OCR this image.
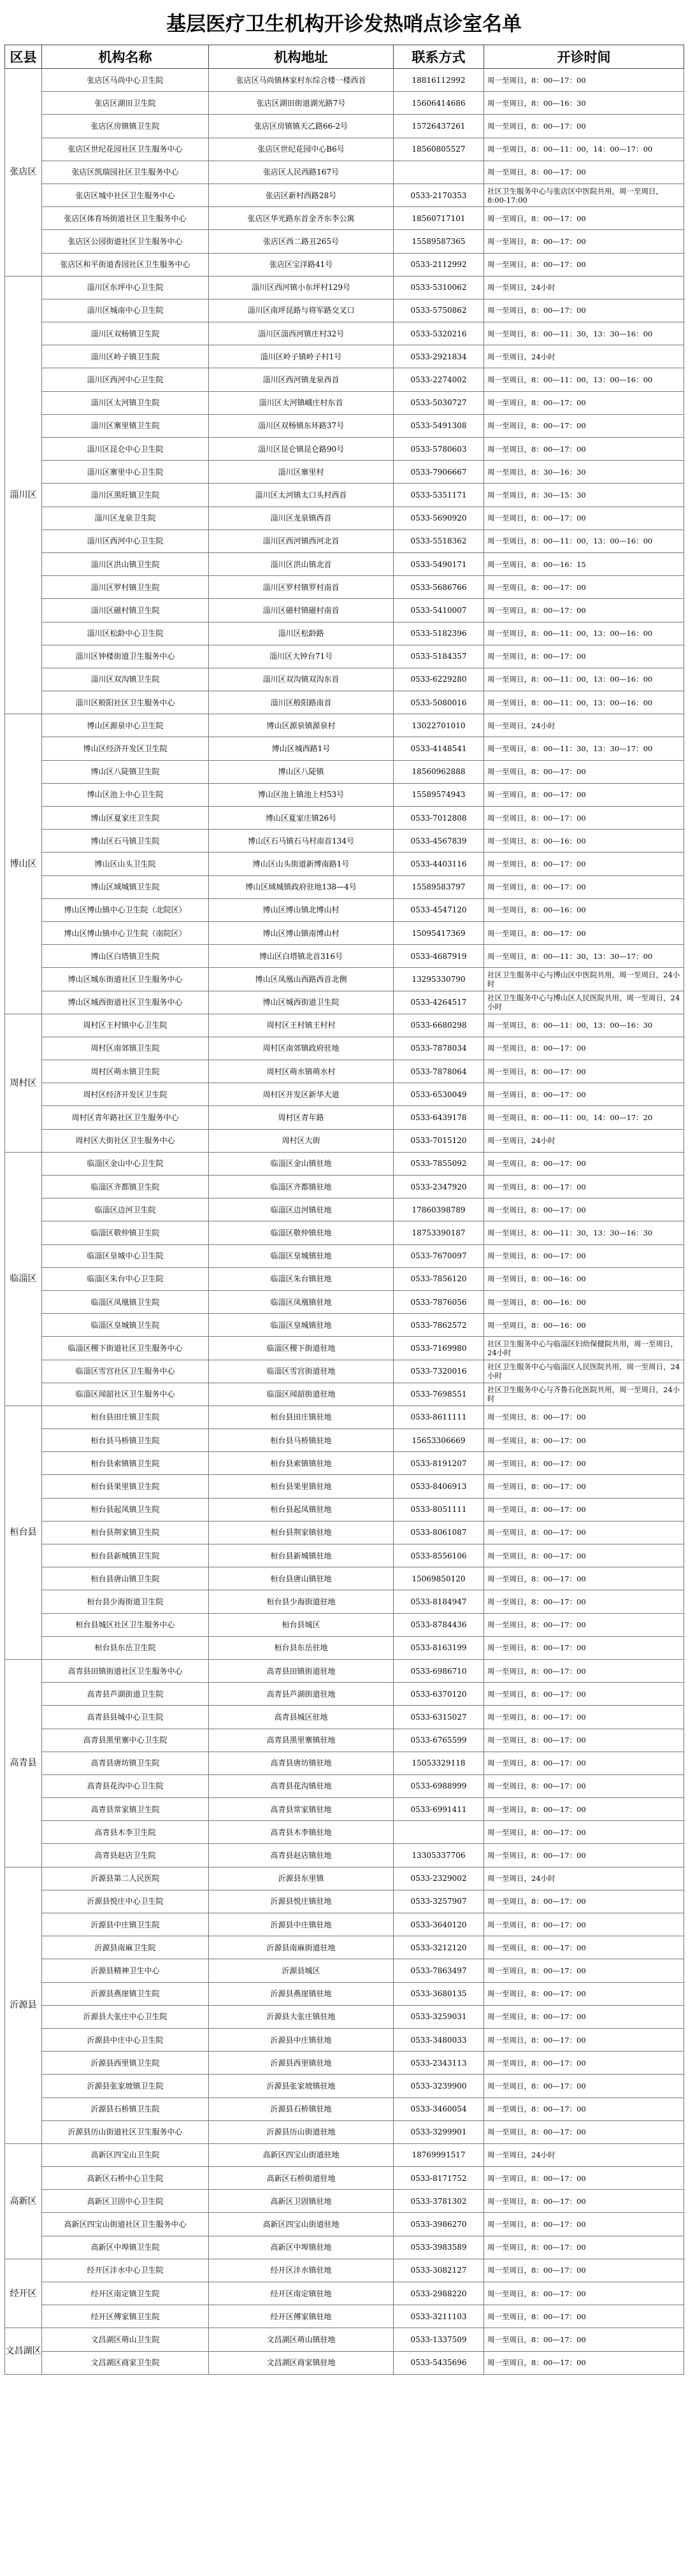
基层医疗卫生机构开诊发热哨点诊室名单
区县	机构名称	机构地址	联系方式	开诊时间
张店区	张店区马尚中心卫生院	张店区马尚镇林家村东综合楼一楼西首	18816112992	周一至周日，8：00—17：00
	张店区湖田卫生院	张店区湖田街道湖光路7号	15606414686	周一至周日，8：00—16：30
	张店区房镇镇卫生院	张店区房镇镇天乙路66-2号	15726437261	周一至周日，8：00—17：00
	张店区世纪花园社区卫生服务中心	张店区世纪花园中心B6号	18560805527	周一至周日，8：00—11：00，14：00—17：00
	张店区凯瑞园社区卫生服务中心	张店区人民西路167号		周一至周日，8：00—17：00
	张店区城中社区卫生服务中心	张店区新村西路28号	0533-2170353	社区卫生服务中心与张店区中医院共用，周一至周日，8:00-17:00
	张店区体育场街道社区卫生服务中心	张店区华光路东首金齐东李公寓	18560717101	周一至周日，8：00—17：00
	张店区公园街道社区卫生服务中心	张店区西二路丑265号	15589587365	周一至周日，8：00—17：00
	张店区和平街道香园社区卫生服务中心	张店区宝洋路41号	0533-2112992	周一至周日，8：00—17：00
淄川区	淄川区东坪中心卫生院	淄川区西河镇小东坪村129号	0533-5310062	周一至周日，24小时
	淄川区城南中心卫生院	淄川区南坪昆路与将军路交叉口	0533-5750862	周一至周日，8：00—17：00
	淄川区双杨镇卫生院	淄川区淄西河镇庄村32号	0533-5320216	周一至周日，8：00—11：30，13：30—16：00
	淄川区岭子镇卫生院	淄川区岭子镇岭子村1号	0533-2921834	周一至周日，24小时
	淄川区西河中心卫生院	淄川区西河镇龙泉西首	0533-2274002	周一至周日，8：00—11：00，13：00—16：00
	淄川区太河镇卫生院	淄川区太河镇峨庄村东首	0533-5030727	周一至周日，8：00—17：00
	淄川区寨里镇卫生院	淄川区双杨镇东环路37号	0533-5491308	周一至周日，8：00—17：00
	淄川区昆仑中心卫生院	淄川区昆仑镇昆仑路90号	0533-5780603	周一至周日，8：00—17：00
	淄川区寨里中心卫生院	淄川区寨里村	0533-7906667	周一至周日，8：30—16：30
	淄川区黑旺镇卫生院	淄川区太河镇太口头村西首	0533-5351171	周一至周日，8：30—15：30
	淄川区龙泉卫生院	淄川区龙泉镇西首	0533-5690920	周一至周日，8：00—17：00
	淄川区西河中心卫生院	淄川区西河镇西河北首	0533-5518362	周一至周日，8：00—11：00，13：00—16：00
	淄川区洪山镇卫生院	淄川区洪山镇北首	0533-5490171	周一至周日，8：00—16：15
	淄川区罗村镇卫生院	淄川区罗村镇罗村南首	0533-5686766	周一至周日，8：00—17：00
	淄川区磁村镇卫生院	淄川区磁村镇磁村南首	0533-5410007	周一至周日，8：00—17：00
	淄川区松龄中心卫生院	淄川区松龄路	0533-5182396	周一至周日，8：00—11：00，13：00—16：00
	淄川区钟楼街道卫生服务中心	淄川区大钟台71号	0533-5184357	周一至周日，8：00—17：00
	淄川区双沟镇卫生院	淄川区双沟镇双沟东首	0533-6229280	周一至周日，8：00—11：00，13：00—16：00
	淄川区般阳社区卫生服务中心	淄川区般阳路南首	0533-5080016	周一至周日，8：00—11：00，13：00—16：00
博山区	博山区源泉中心卫生院	博山区源泉镇源泉村	13022701010	周一至周日，24小时
	博山区经济开发区卫生院	博山区城西路1号	0533-4148541	周一至周日，8：00—11：30，13：30—17：00
	博山区八陡镇卫生院	博山区八陡镇	18560962888	周一至周日，8：00—17：00
	博山区池上中心卫生院	博山区池上镇池上村53号	15589574943	周一至周日，8：00—17：00
	博山区夏家庄卫生院	博山区夏家庄镇26号	0533-7012808	周一至周日，8：00—17：00
	博山区石马镇卫生院	博山区石马镇石马村南首134号	0533-4567839	周一至周日，8：00—16：00
	博山区山头卫生院	博山区山头街道新博南路1号	0533-4403116	周一至周日，8：00—17：00
	博山区域城镇卫生院	博山区域城镇政府驻地138—4号	15589583797	周一至周日，8：00—17：00
	博山区博山镇中心卫生院（北院区）	博山区博山镇北博山村	0533-4547120	周一至周日，8：00—16：00
	博山区博山镇中心卫生院（南院区）	博山区博山镇南博山村	15095417369	周一至周日，8：00—17：00
	博山区白塔镇卫生院	博山区白塔镇北首316号	0533-4687919	周一至周日，8：00—11：30，13：30—17：00
	博山区城东街道社区卫生服务中心	博山区凤凰山西路西首北侧	13295330790	社区卫生服务中心与博山区中医院共用，周一至周日，24小时
	博山区城西街道社区卫生服务中心	博山区城西街道卫生院	0533-4264517	社区卫生服务中心与博山区人民医院共用，周一至周日，24小时
周村区	周村区王村镇中心卫生院	周村区王村镇王村村	0533-6680298	周一至周日，8：00—11：00，13：00—16：30
	周村区南郊镇卫生院	周村区南郊镇政府驻地	0533-7878034	周一至周日，8：00—17：00
	周村区萌水镇卫生院	周村区萌水镇萌水村	0533-7878064	周一至周日，8：00—17：00
	周村区经济开发区卫生院	周村区开发区新华大道	0533-6530049	周一至周日，8：00—17：00
	周村区青年路社区卫生服务中心	周村区青年路	0533-6439178	周一至周日，8：00—11：00，14：00—17：20
	周村区大街社区卫生服务中心	周村区大街	0533-7015120	周一至周日，24小时
临淄区	临淄区金山中心卫生院	临淄区金山镇驻地	0533-7855092	周一至周日，8：00—17：00
	临淄区齐都镇卫生院	临淄区齐都镇驻地	0533-2347920	周一至周日，8：00—17：00
	临淄区边河卫生院	临淄区边河镇驻地	17860398789	周一至周日，8：00—17：00
	临淄区敬仲镇卫生院	临淄区敬仲镇驻地	18753390187	周一至周日，8：00—11：30，13：30—16：30
	临淄区皇城中心卫生院	临淄区皇城镇驻地	0533-7670097	周一至周日，8：00—17：00
	临淄区朱台中心卫生院	临淄区朱台镇驻地	0533-7856120	周一至周日，8：00—16：00
	临淄区凤凰镇卫生院	临淄区凤凰镇驻地	0533-7876056	周一至周日，8：00—16：00
	临淄区皇城镇卫生院	临淄区皇城镇驻地	0533-7862572	周一至周日，8：00—16：00
	临淄区稷下街道社区卫生服务中心	临淄区稷下街道驻地	0533-7169980	社区卫生服务中心与临淄区妇幼保健院共用，周一至周日，24小时
	临淄区雪宫社区卫生服务中心	临淄区雪宫街道驻地	0533-7320016	社区卫生服务中心与临淄区人民医院共用，周一至周日，24小时
	临淄区闻韶社区卫生服务中心	临淄区闻韶街道驻地	0533-7698551	社区卫生服务中心与齐鲁石化医院共用，周一至周日，24小时
桓台县	桓台县田庄镇卫生院	桓台县田庄镇驻地	0533-8611111	周一至周日，8：00—17：00
	桓台县马桥镇卫生院	桓台县马桥镇驻地	15653306669	周一至周日，8：00—17：00
	桓台县索镇镇卫生院	桓台县索镇镇驻地	0533-8191207	周一至周日，8：00—17：00
	桓台县果里镇卫生院	桓台县果里镇驻地	0533-8406913	周一至周日，8：00—17：00
	桓台县起凤镇卫生院	桓台县起凤镇驻地	0533-8051111	周一至周日，8：00—17：00
	桓台县荆家镇卫生院	桓台县荆家镇驻地	0533-8061087	周一至周日，8：00—17：00
	桓台县新城镇卫生院	桓台县新城镇驻地	0533-8556106	周一至周日，8：00—17：00
	桓台县唐山镇卫生院	桓台县唐山镇驻地	15069850120	周一至周日，8：00—17：00
	桓台县少海街道卫生院	桓台县少海街道驻地	0533-8184947	周一至周日，8：00—17：00
	桓台县城区社区卫生服务中心	桓台县城区	0533-8784436	周一至周日，8：00—17：00
	桓台县东岳卫生院	桓台县东岳驻地	0533-8163199	周一至周日，8：00—17：00
高青县	高青县田镇街道社区卫生服务中心	高青县田镇街道驻地	0533-6986710	周一至周日，8：00—17：00
	高青县芦湖街道卫生院	高青县芦湖街道驻地	0533-6370120	周一至周日，8：00—17：00
	高青县县城中心卫生院	高青县城区驻地	0533-6315027	周一至周日，8：00—17：00
	高青县黑里寨中心卫生院	高青县黑里寨镇驻地	0533-6765599	周一至周日，8：00—17：00
	高青县唐坊镇卫生院	高青县唐坊镇驻地	15053329118	周一至周日，8：00—17：00
	高青县花沟中心卫生院	高青县花沟镇驻地	0533-6988999	周一至周日，8：00—17：00
	高青县常家镇卫生院	高青县常家镇驻地	0533-6991411	周一至周日，8：00—17：00
	高青县木李卫生院	高青县木李镇驻地		周一至周日，8：00—17：00
	高青县赵店卫生院	高青县赵店镇驻地	13305337706	周一至周日，8：00—17：00
沂源县	沂源县第二人民医院	沂源县东里镇	0533-2329002	周一至周日，24小时
	沂源县悦庄中心卫生院	沂源县悦庄镇驻地	0533-3257907	周一至周日，8：00—17：00
	沂源县中庄镇卫生院	沂源县中庄镇驻地	0533-3640120	周一至周日，8：00—17：00
	沂源县南麻卫生院	沂源县南麻街道驻地	0533-3212120	周一至周日，8：00—17：00
	沂源县精神卫生中心	沂源县城区	0533-7863497	周一至周日，8：00—17：00
	沂源县燕崖镇卫生院	沂源县燕崖镇驻地	0533-3680135	周一至周日，8：00—17：00
	沂源县大张庄中心卫生院	沂源县大张庄镇驻地	0533-3259031	周一至周日，8：00—17：00
	沂源县中庄中心卫生院	沂源县中庄镇驻地	0533-3480033	周一至周日，8：00—17：00
	沂源县西里镇卫生院	沂源县西里镇驻地	0533-2343113	周一至周日，8：00—17：00
	沂源县张家坡镇卫生院	沂源县张家坡镇驻地	0533-3239900	周一至周日，8：00—17：00
	沂源县石桥镇卫生院	沂源县石桥镇驻地	0533-3460054	周一至周日，8：00—17：00
	沂源县历山街道社区卫生服务中心	沂源县历山街道驻地	0533-3299901	周一至周日，8：00—17：00
高新区	高新区四宝山卫生院	高新区四宝山街道驻地	18769991517	周一至周日，24小时
	高新区石桥中心卫生院	高新区石桥街道驻地	0533-8171752	周一至周日，8：00—17：00
	高新区卫固中心卫生院	高新区卫固镇驻地	0533-3781302	周一至周日，8：00—17：00
	高新区四宝山街道社区卫生服务中心	高新区四宝山街道驻地	0533-3986270	周一至周日，8：00—17：00
	高新区中埠镇卫生院	高新区中埠镇驻地	0533-3983589	周一至周日，8：00—17：00
经开区	经开区沣水中心卫生院	经开区沣水镇驻地	0533-3082127	周一至周日，8：00—17：00
	经开区南定镇卫生院	经开区南定镇驻地	0533-2988220	周一至周日，8：00—17：00
	经开区傅家镇卫生院	经开区傅家镇驻地	0533-3211103	周一至周日，8：00—17：00
文昌湖区	文昌湖区萌山卫生院	文昌湖区萌山镇驻地	0533-1337509	周一至周日，8：00—17：00
	文昌湖区商家卫生院	文昌湖区商家镇驻地	0533-5435696	周一至周日，8：00—17：00
